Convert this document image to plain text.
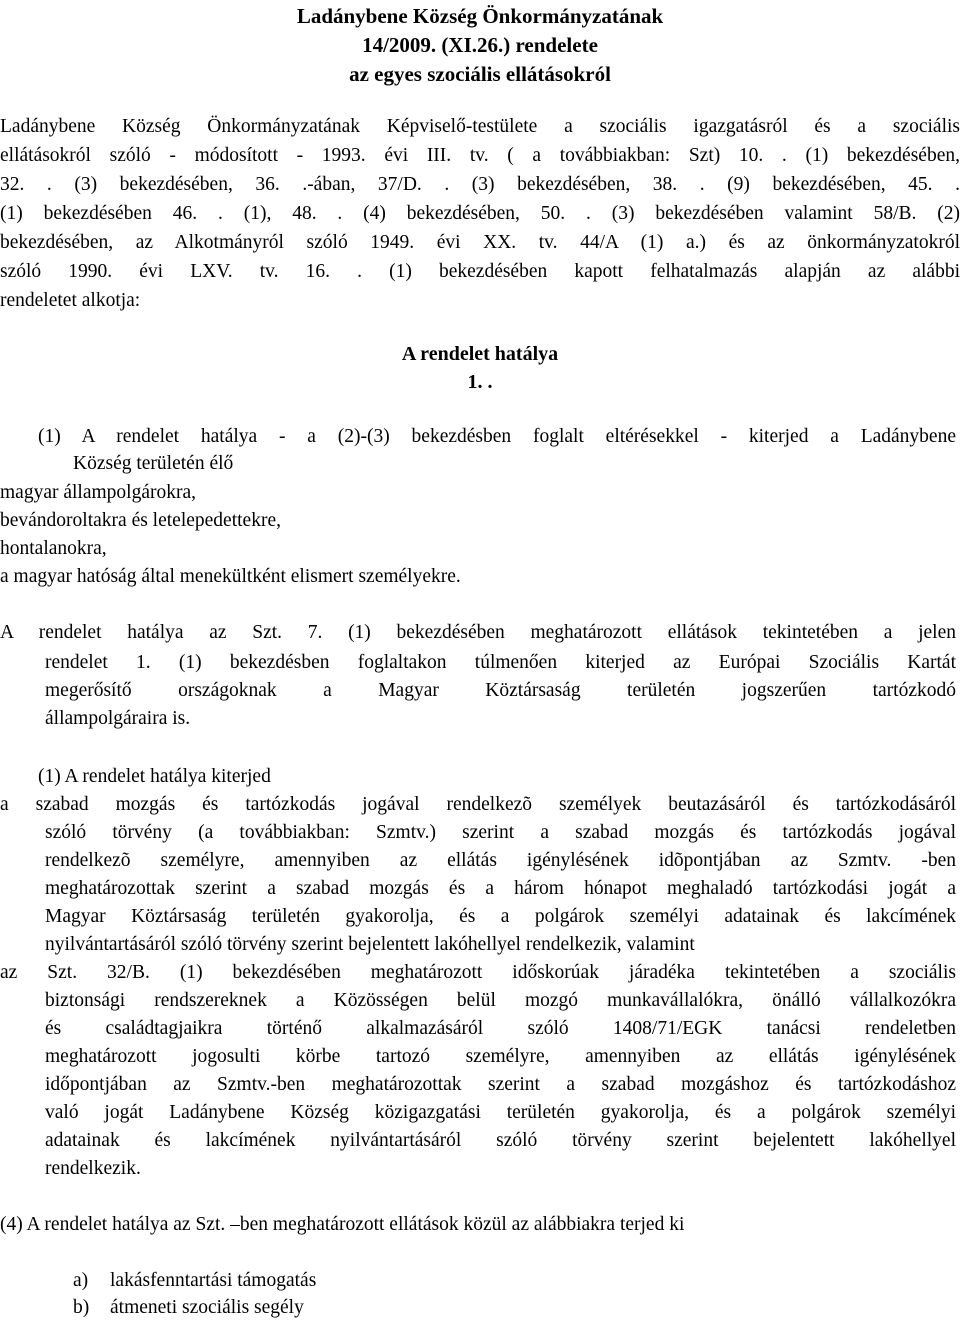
Ladánybene Község Önkormányzatának
14/2009. (XI.26.) rendelete
az egyes szociális ellátásokról
Ladánybene Község Önkormányzatának Képviselő-testülete a szociális igazgatásról és a szociális
ellátásokról szóló - módosított - 1993. évi III. tv. ( a továbbiakban: Szt) 10. . (1) bekezdésében,
32. . (3) bekezdésében, 36. .-ában, 37/D. . (3) bekezdésében, 38. . (9) bekezdésében, 45. .
(1) bekezdésében 46. . (1), 48. . (4) bekezdésében, 50. . (3) bekezdésében valamint 58/B. (2)
bekezdésében, az Alkotmányról szóló 1949. évi XX. tv. 44/A (1) a.) és az önkormányzatokról
szóló 1990. évi LXV. tv. 16. . (1) bekezdésében kapott felhatalmazás alapján az alábbi
rendeletet alkotja:
A rendelet hatálya
1. .
(1) A rendelet hatálya - a (2)-(3) bekezdésben foglalt eltérésekkel - kiterjed a Ladánybene
Község területén élő
magyar állampolgárokra,
bevándoroltakra és letelepedettekre,
hontalanokra,
a magyar hatóság által menekültként elismert személyekre.
A rendelet hatálya az Szt. 7. (1) bekezdésében meghatározott ellátások tekintetében a jelen
rendelet 1. (1) bekezdésben foglaltakon túlmenően kiterjed az Európai Szociális Kartát
megerősítő országoknak a Magyar Köztársaság területén jogszerűen tartózkodó
állampolgáraira is.
(1) A rendelet hatálya kiterjed
a szabad mozgás és tartózkodás jogával rendelkezõ személyek beutazásáról és tartózkodásáról
szóló törvény (a továbbiakban: Szmtv.) szerint a szabad mozgás és tartózkodás jogával
rendelkezõ személyre, amennyiben az ellátás igénylésének idõpontjában az Szmtv. -ben
meghatározottak szerint a szabad mozgás és a három hónapot meghaladó tartózkodási jogát a
Magyar Köztársaság területén gyakorolja, és a polgárok személyi adatainak és lakcímének
nyilvántartásáról szóló törvény szerint bejelentett lakóhellyel rendelkezik, valamint
az Szt. 32/B. (1) bekezdésében meghatározott időskorúak járadéka tekintetében a szociális
biztonsági rendszereknek a Közösségen belül mozgó munkavállalókra, önálló vállalkozókra
és családtagjaikra történő alkalmazásáról szóló 1408/71/EGK tanácsi rendeletben
meghatározott jogosulti körbe tartozó személyre, amennyiben az ellátás igénylésének
időpontjában az Szmtv.-ben meghatározottak szerint a szabad mozgáshoz és tartózkodáshoz
való jogát Ladánybene Község közigazgatási területén gyakorolja, és a polgárok személyi
adatainak és lakcímének nyilvántartásáról szóló törvény szerint bejelentett lakóhellyel
rendelkezik.
(4) A rendelet hatálya az Szt. –ben meghatározott ellátások közül az alábbiakra terjed ki
a) lakásfenntartási támogatás
b) átmeneti szociális segély
